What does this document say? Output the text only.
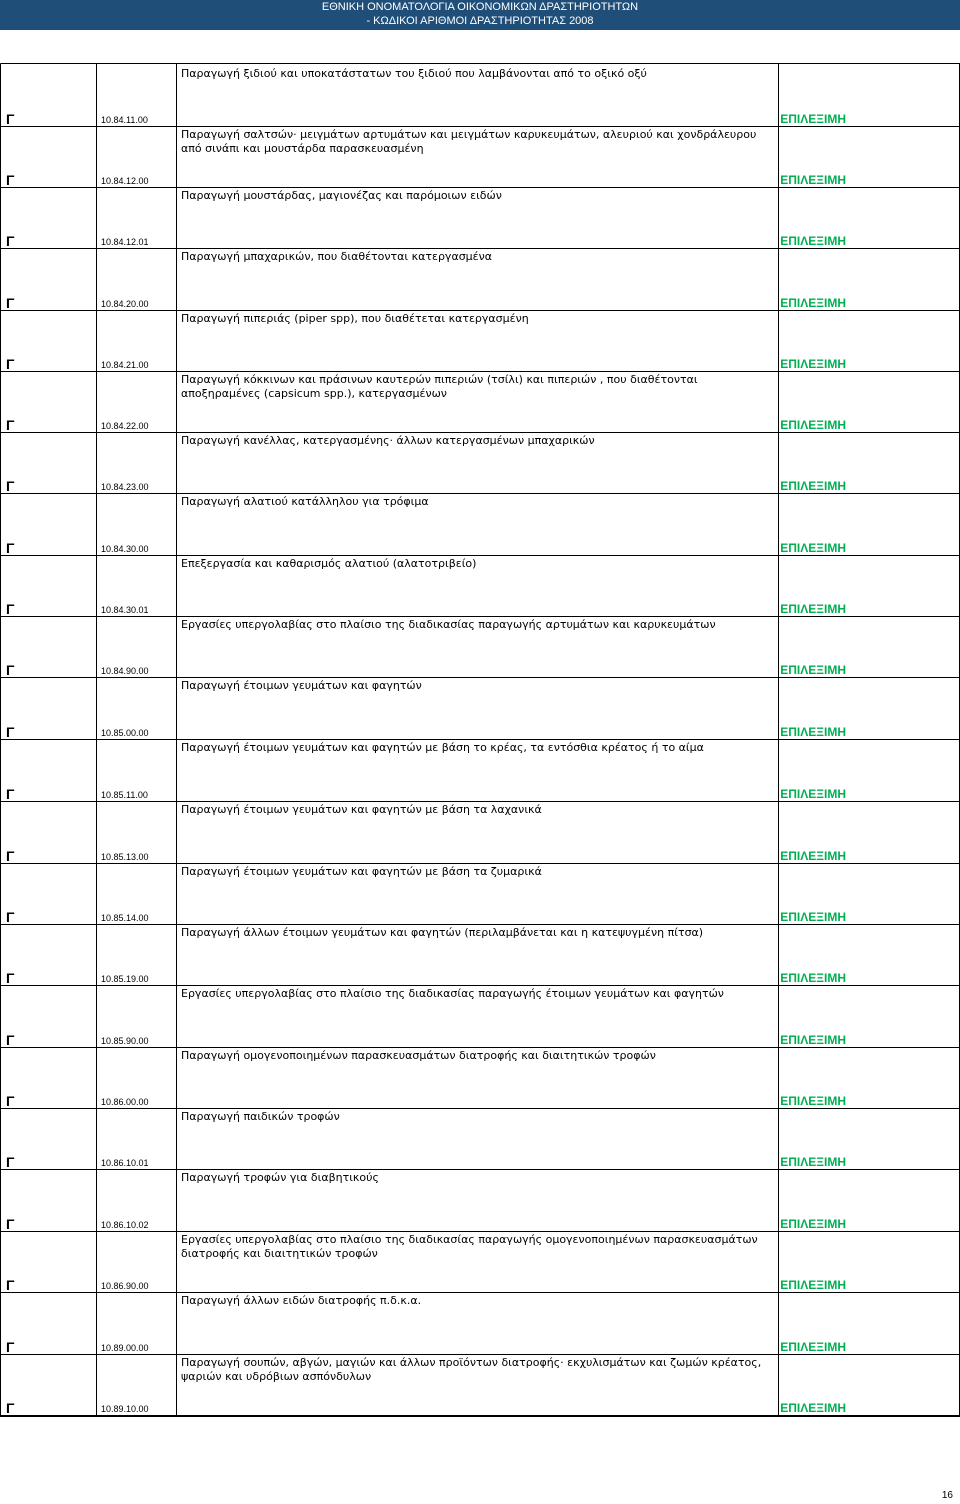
ΕΘΝΙΚΗ ΟΝΟΜΑΤΟΛΟΓΙΑ ΟΙΚΟΝΟΜΙΚΩΝ ΔΡΑΣΤΗΡΙΟΤΗΤΩΝ
- ΚΩΔΙΚΟΙ ΑΡΙΘΜΟΙ ΔΡΑΣΤΗΡΙΟΤΗΤΑΣ 2008
Παραγωγή ξιδιού και υποκατάστατων του ξιδιού που λαμβάνονται από το οξικό οξύ
Γ	10.84.11.00	ΕΠΙΛΕΞΙΜΗ
Παραγωγή σαλτσών· μειγμάτων αρτυμάτων και μειγμάτων καρυκευμάτων, αλευριού και χονδράλευρου από σινάπι και μουστάρδα παρασκευασμένη
Γ	10.84.12.00	ΕΠΙΛΕΞΙΜΗ
Παραγωγή μουστάρδας, μαγιονέζας και παρόμοιων ειδών
Γ	10.84.12.01	ΕΠΙΛΕΞΙΜΗ
Παραγωγή μπαχαρικών, που διαθέτονται κατεργασμένα
Γ	10.84.20.00	ΕΠΙΛΕΞΙΜΗ
Παραγωγή πιπεριάς (piper spp), που διαθέτεται κατεργασμένη
Γ	10.84.21.00	ΕΠΙΛΕΞΙΜΗ
Παραγωγή κόκκινων και πράσινων καυτερών πιπεριών (τσίλι) και πιπεριών , που διαθέτονται αποξηραμένες (capsicum spp.), κατεργασμένων
Γ	10.84.22.00	ΕΠΙΛΕΞΙΜΗ
Παραγωγή κανέλλας, κατεργασμένης· άλλων κατεργασμένων μπαχαρικών
Γ	10.84.23.00	ΕΠΙΛΕΞΙΜΗ
Παραγωγή αλατιού κατάλληλου για τρόφιμα
Γ	10.84.30.00	ΕΠΙΛΕΞΙΜΗ
Επεξεργασία και καθαρισμός αλατιού (αλατοτριβείο)
Γ	10.84.30.01	ΕΠΙΛΕΞΙΜΗ
Εργασίες υπεργολαβίας στο πλαίσιο της διαδικασίας παραγωγής αρτυμάτων και καρυκευμάτων
Γ	10.84.90.00	ΕΠΙΛΕΞΙΜΗ
Παραγωγή έτοιμων γευμάτων και φαγητών
Γ	10.85.00.00	ΕΠΙΛΕΞΙΜΗ
Παραγωγή έτοιμων γευμάτων και φαγητών με βάση το κρέας, τα εντόσθια κρέατος ή το αίμα
Γ	10.85.11.00	ΕΠΙΛΕΞΙΜΗ
Παραγωγή έτοιμων γευμάτων και φαγητών με βάση τα λαχανικά
Γ	10.85.13.00	ΕΠΙΛΕΞΙΜΗ
Παραγωγή έτοιμων γευμάτων και φαγητών με βάση τα ζυμαρικά
Γ	10.85.14.00	ΕΠΙΛΕΞΙΜΗ
Παραγωγή άλλων έτοιμων γευμάτων και φαγητών (περιλαμβάνεται και η κατεψυγμένη πίτσα)
Γ	10.85.19.00	ΕΠΙΛΕΞΙΜΗ
Εργασίες υπεργολαβίας στο πλαίσιο της διαδικασίας παραγωγής έτοιμων γευμάτων και φαγητών
Γ	10.85.90.00	ΕΠΙΛΕΞΙΜΗ
Παραγωγή ομογενοποιημένων παρασκευασμάτων διατροφής και διαιτητικών τροφών
Γ	10.86.00.00	ΕΠΙΛΕΞΙΜΗ
Παραγωγή παιδικών τροφών
Γ	10.86.10.01	ΕΠΙΛΕΞΙΜΗ
Παραγωγή τροφών για διαβητικούς
Γ	10.86.10.02	ΕΠΙΛΕΞΙΜΗ
Εργασίες υπεργολαβίας στο πλαίσιο της διαδικασίας παραγωγής ομογενοποιημένων παρασκευασμάτων διατροφής και διαιτητικών τροφών
Γ	10.86.90.00	ΕΠΙΛΕΞΙΜΗ
Παραγωγή άλλων ειδών διατροφής π.δ.κ.α.
Γ	10.89.00.00	ΕΠΙΛΕΞΙΜΗ
Παραγωγή σουπών, αβγών, μαγιών και άλλων προϊόντων διατροφής· εκχυλισμάτων και ζωμών κρέατος, ψαριών και υδρόβιων ασπόνδυλων
Γ	10.89.10.00	ΕΠΙΛΕΞΙΜΗ
16
